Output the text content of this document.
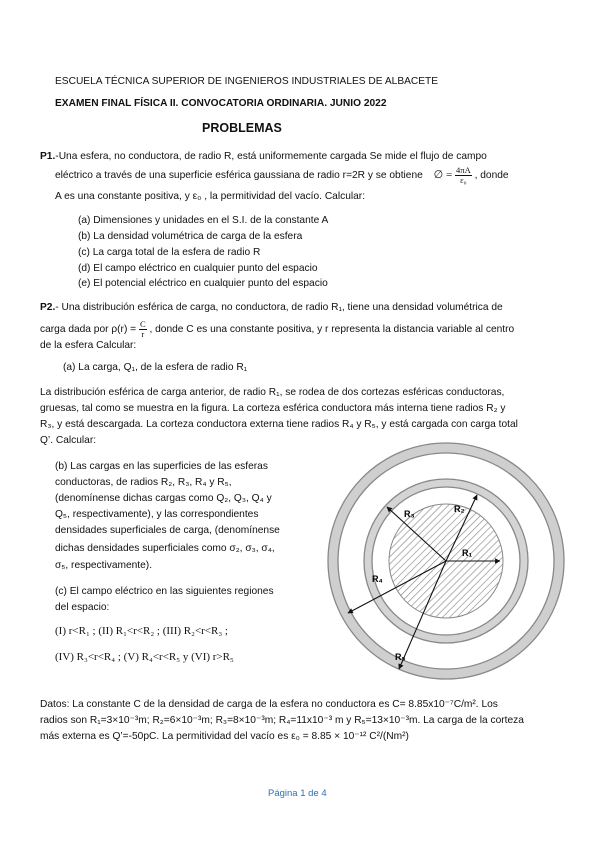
ESCUELA TÉCNICA SUPERIOR DE INGENIEROS INDUSTRIALES DE ALBACETE
EXAMEN FINAL FÍSICA II. CONVOCATORIA ORDINARIA. JUNIO 2022
PROBLEMAS
P1.-Una esfera, no conductora, de radio R, está uniformemente cargada Se mide el flujo de campo
eléctrico a través de una superficie esférica gaussiana de radio r=2R y se obtiene ∅ = $\frac{4\pi A}{\text{ε₀}}$ , donde
A es una constante positiva, y ε₀ , la permitividad del vacío. Calcular:
(a) Dimensiones y unidades en el S.I. de la constante A
(b) La densidad volumétrica de carga de la esfera
(c) La carga total de la esfera de radio R
(d) El campo eléctrico en cualquier punto del espacio
(e) El potencial eléctrico en cualquier punto del espacio
P2.- Una distribución esférica de carga, no conductora, de radio R₁, tiene una densidad volumétrica de
carga dada por $\rho(r) = \frac{C}{r}$ , donde C es una constante positiva, y r representa la distancia variable al centro
de la esfera Calcular:
(a) La carga, Q₁, de la esfera de radio R₁
La distribución esférica de carga anterior, de radio R₁, se rodea de dos cortezas esféricas conductoras,
gruesas, tal como se muestra en la figura. La corteza esférica conductora más interna tiene radios R₂ y
R₃, y está descargada. La corteza conductora externa tiene radios R₄ y R₅, y está cargada con carga total
Q’. Calcular:
(b) Las cargas en las superficies de las esferas
conductoras, de radios R₂, R₃, R₄ y R₅,
(denomínense dichas cargas como Q₂, Q₃, Q₄ y
Q₅, respectivamente), y las correspondientes
densidades superficiales de carga, (denomínense
dichas densidades superficiales como σ₂, σ₃, σ₄,
σ₅, respectivamente).
(c) El campo eléctrico en las siguientes regiones
del espacio:
(I) r<R₁ ; (II) R₁<r<R₂ ; (III) R₂<r<R₃ ;
(IV) R₃<r<R₄ ; (V) R₄<r<R₅ y (VI) r>R₅
Datos: La constante C de la densidad de carga de la esfera no conductora es C= 8.85x10⁻⁷C/m². Los
radios son R₁=3×10⁻³m; R₂=6×10⁻³m; R₃=8×10⁻³m; R₄=11x10⁻³ m y R₅=13×10⁻³m. La carga de la corteza
más externa es Q’=-50pC. La permitividad del vacío es ε₀ = 8.85 × 10⁻¹² C²/(Nm²)
R₁
R₂
R₃
R₄
R₅
Página 1 de 4
